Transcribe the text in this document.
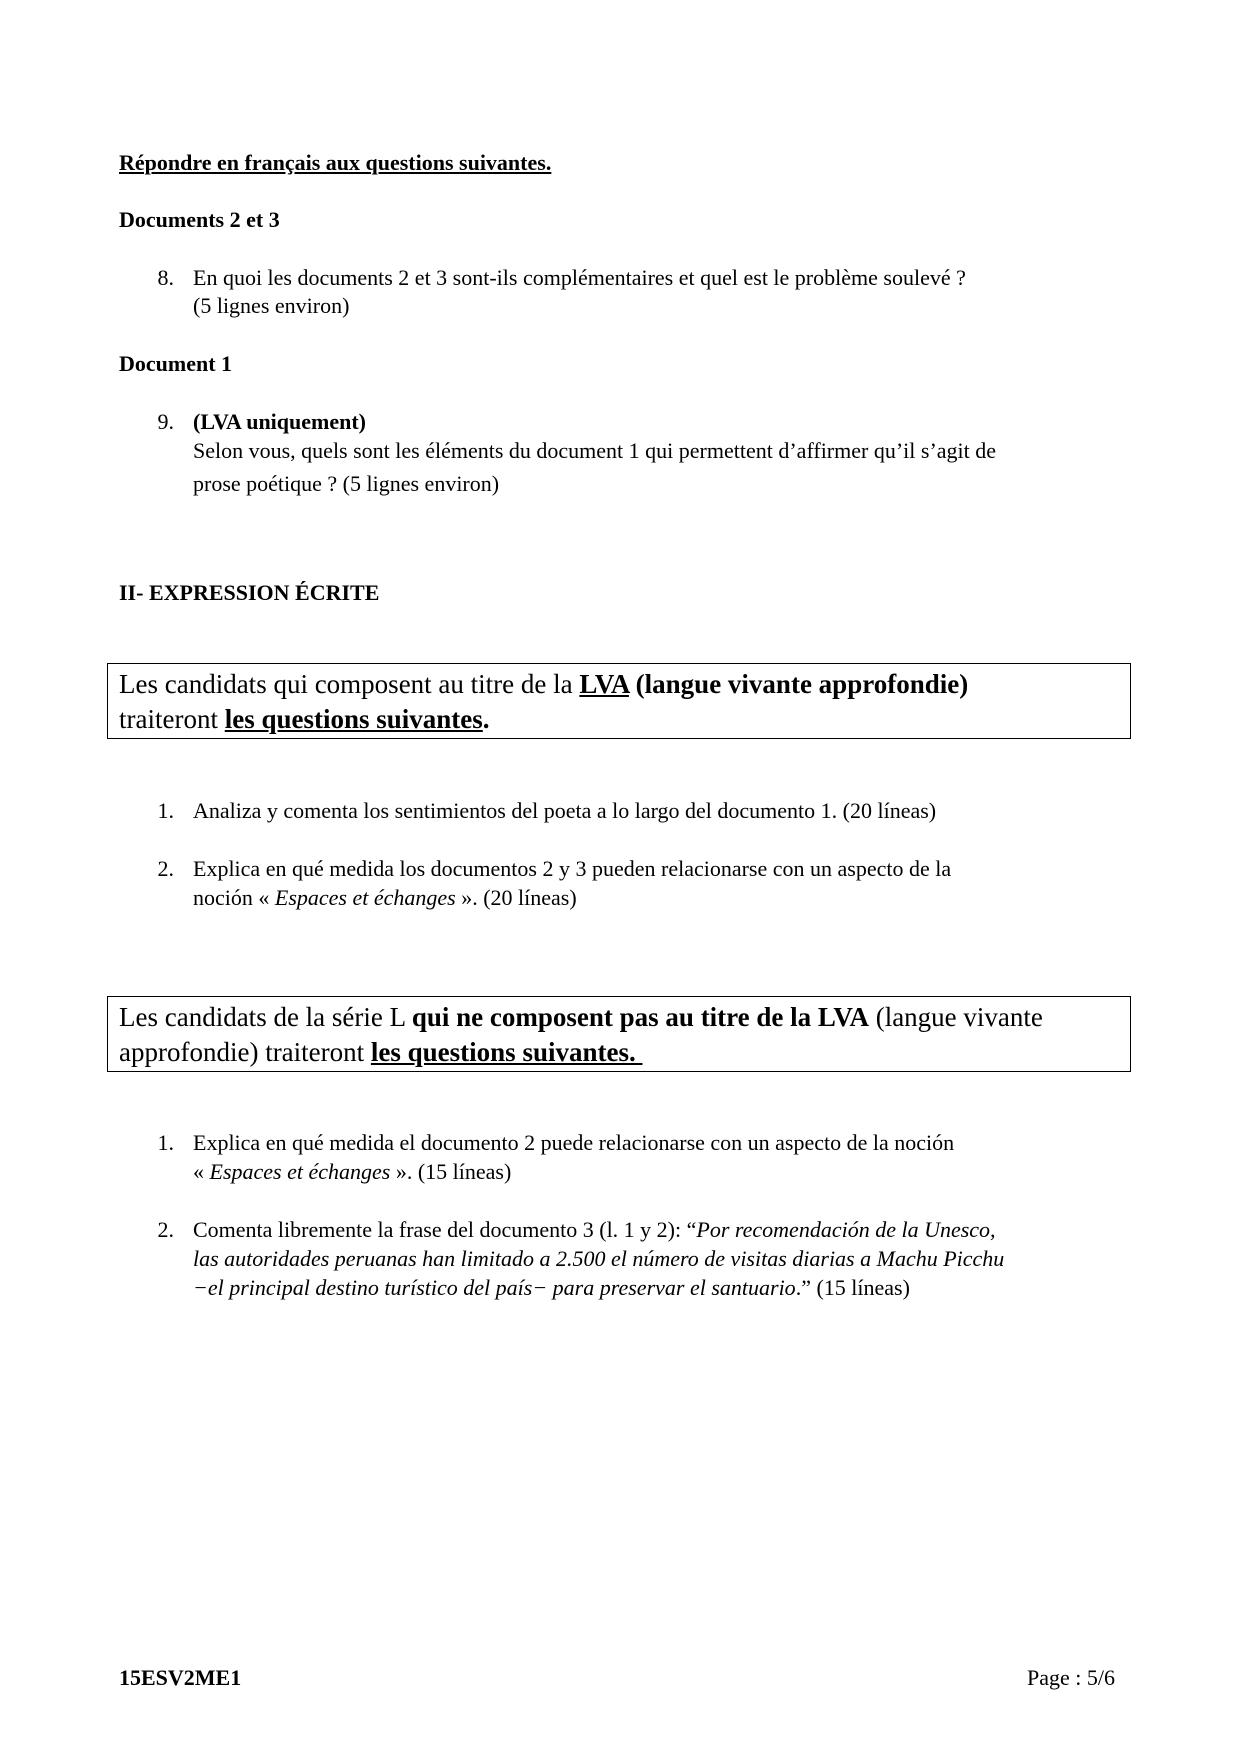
Répondre en français aux questions suivantes.
Documents 2 et 3
8. En quoi les documents 2 et 3 sont-ils complémentaires et quel est le problème soulevé ?
(5 lignes environ)
Document 1
9. (LVA uniquement)
Selon vous, quels sont les éléments du document 1 qui permettent d’affirmer qu’il s’agit de
prose poétique ? (5 lignes environ)
II- EXPRESSION ÉCRITE
Les candidats qui composent au titre de la LVA (langue vivante approfondie)
traiteront les questions suivantes.
1. Analiza y comenta los sentimientos del poeta a lo largo del documento 1. (20 líneas)
2. Explica en qué medida los documentos 2 y 3 pueden relacionarse con un aspecto de la
noción « Espaces et échanges ». (20 líneas)
Les candidats de la série L qui ne composent pas au titre de la LVA (langue vivante
approfondie) traiteront les questions suivantes.
1. Explica en qué medida el documento 2 puede relacionarse con un aspecto de la noción
« Espaces et échanges ». (15 líneas)
2. Comenta libremente la frase del documento 3 (l. 1 y 2): “Por recomendación de la Unesco,
las autoridades peruanas han limitado a 2.500 el número de visitas diarias a Machu Picchu
−el principal destino turístico del país− para preservar el santuario.” (15 líneas)
15ESV2ME1	Page : 5/6
